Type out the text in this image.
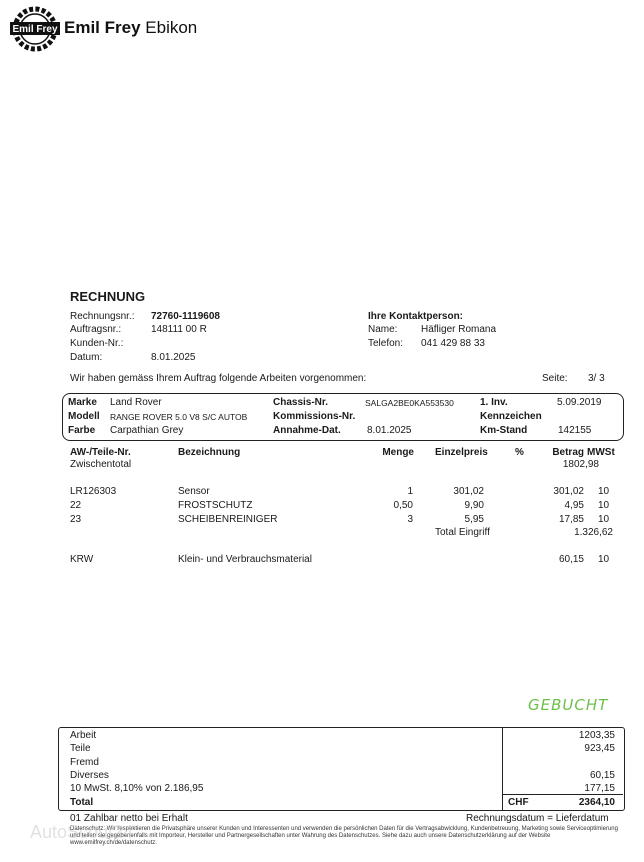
Emil Frey Emil Frey Ebikon
RECHNUNG
Rechnungsnr.: 72760-1119608
Auftragsnr.:	148111 00 R
Kunden-Nr.:
Datum:	8.01.2025
Ihre Kontaktperson:
Name: Häfliger Romana
Telefon: 041 429 88 33
Wir haben gemäss Ihrem Auftrag folgende Arbeiten vorgenommen:	Seite: 3/ 3
Marke Land Rover
Modell RANGE ROVER 5.0 V8 S/C AUTOB
Farbe Carpathian Grey
Chassis-Nr.	SALGA2BE0KA553530
Kommissions-Nr.
Annahme-Dat.	8.01.2025
1. Inv.	5.09.2019
Kennzeichen
Km-Stand	142155
AW-/Teile-Nr.	Bezeichnung	Menge Einzelpreis	%	Betrag MWSt
Zwischentotal	1802,98
LR126303	Sensor	1	301,02	301,02 10
22	FROSTSCHUTZ	0,50	9,90	4,95 10
23	SCHEIBENREINIGER	3	5,95	17,85 10
Total Eingriff	1.326,62
KRW	Klein- und Verbrauchsmaterial	60,15 10
GEBUCHT
Arbeit	1203,35
Teile	923,45
Fremd
Diverses	60,15
10 MwSt. 8,10% von 2.186,95	177,15
Total	CHF	2364,10
01 Zahlbar netto bei Erhalt	Rechnungsdatum = Lieferdatum
Datenschutz: Wir respektieren die Privatsphäre unserer Kunden und Interessenten und verwenden die persönlichen Daten für die Vertragsabwicklung, Kundenbetreuung, Marketing sowie Serviceoptimierung und teilen sie gegebenenfalls mit Importeur, Hersteller und Partnergesellschaften unter Wahrung des Datenschutzes. Siehe dazu auch unsere Datenschutzerklärung auf der Website www.emilfrey.ch/de/datenschutz.
AutoScout24
